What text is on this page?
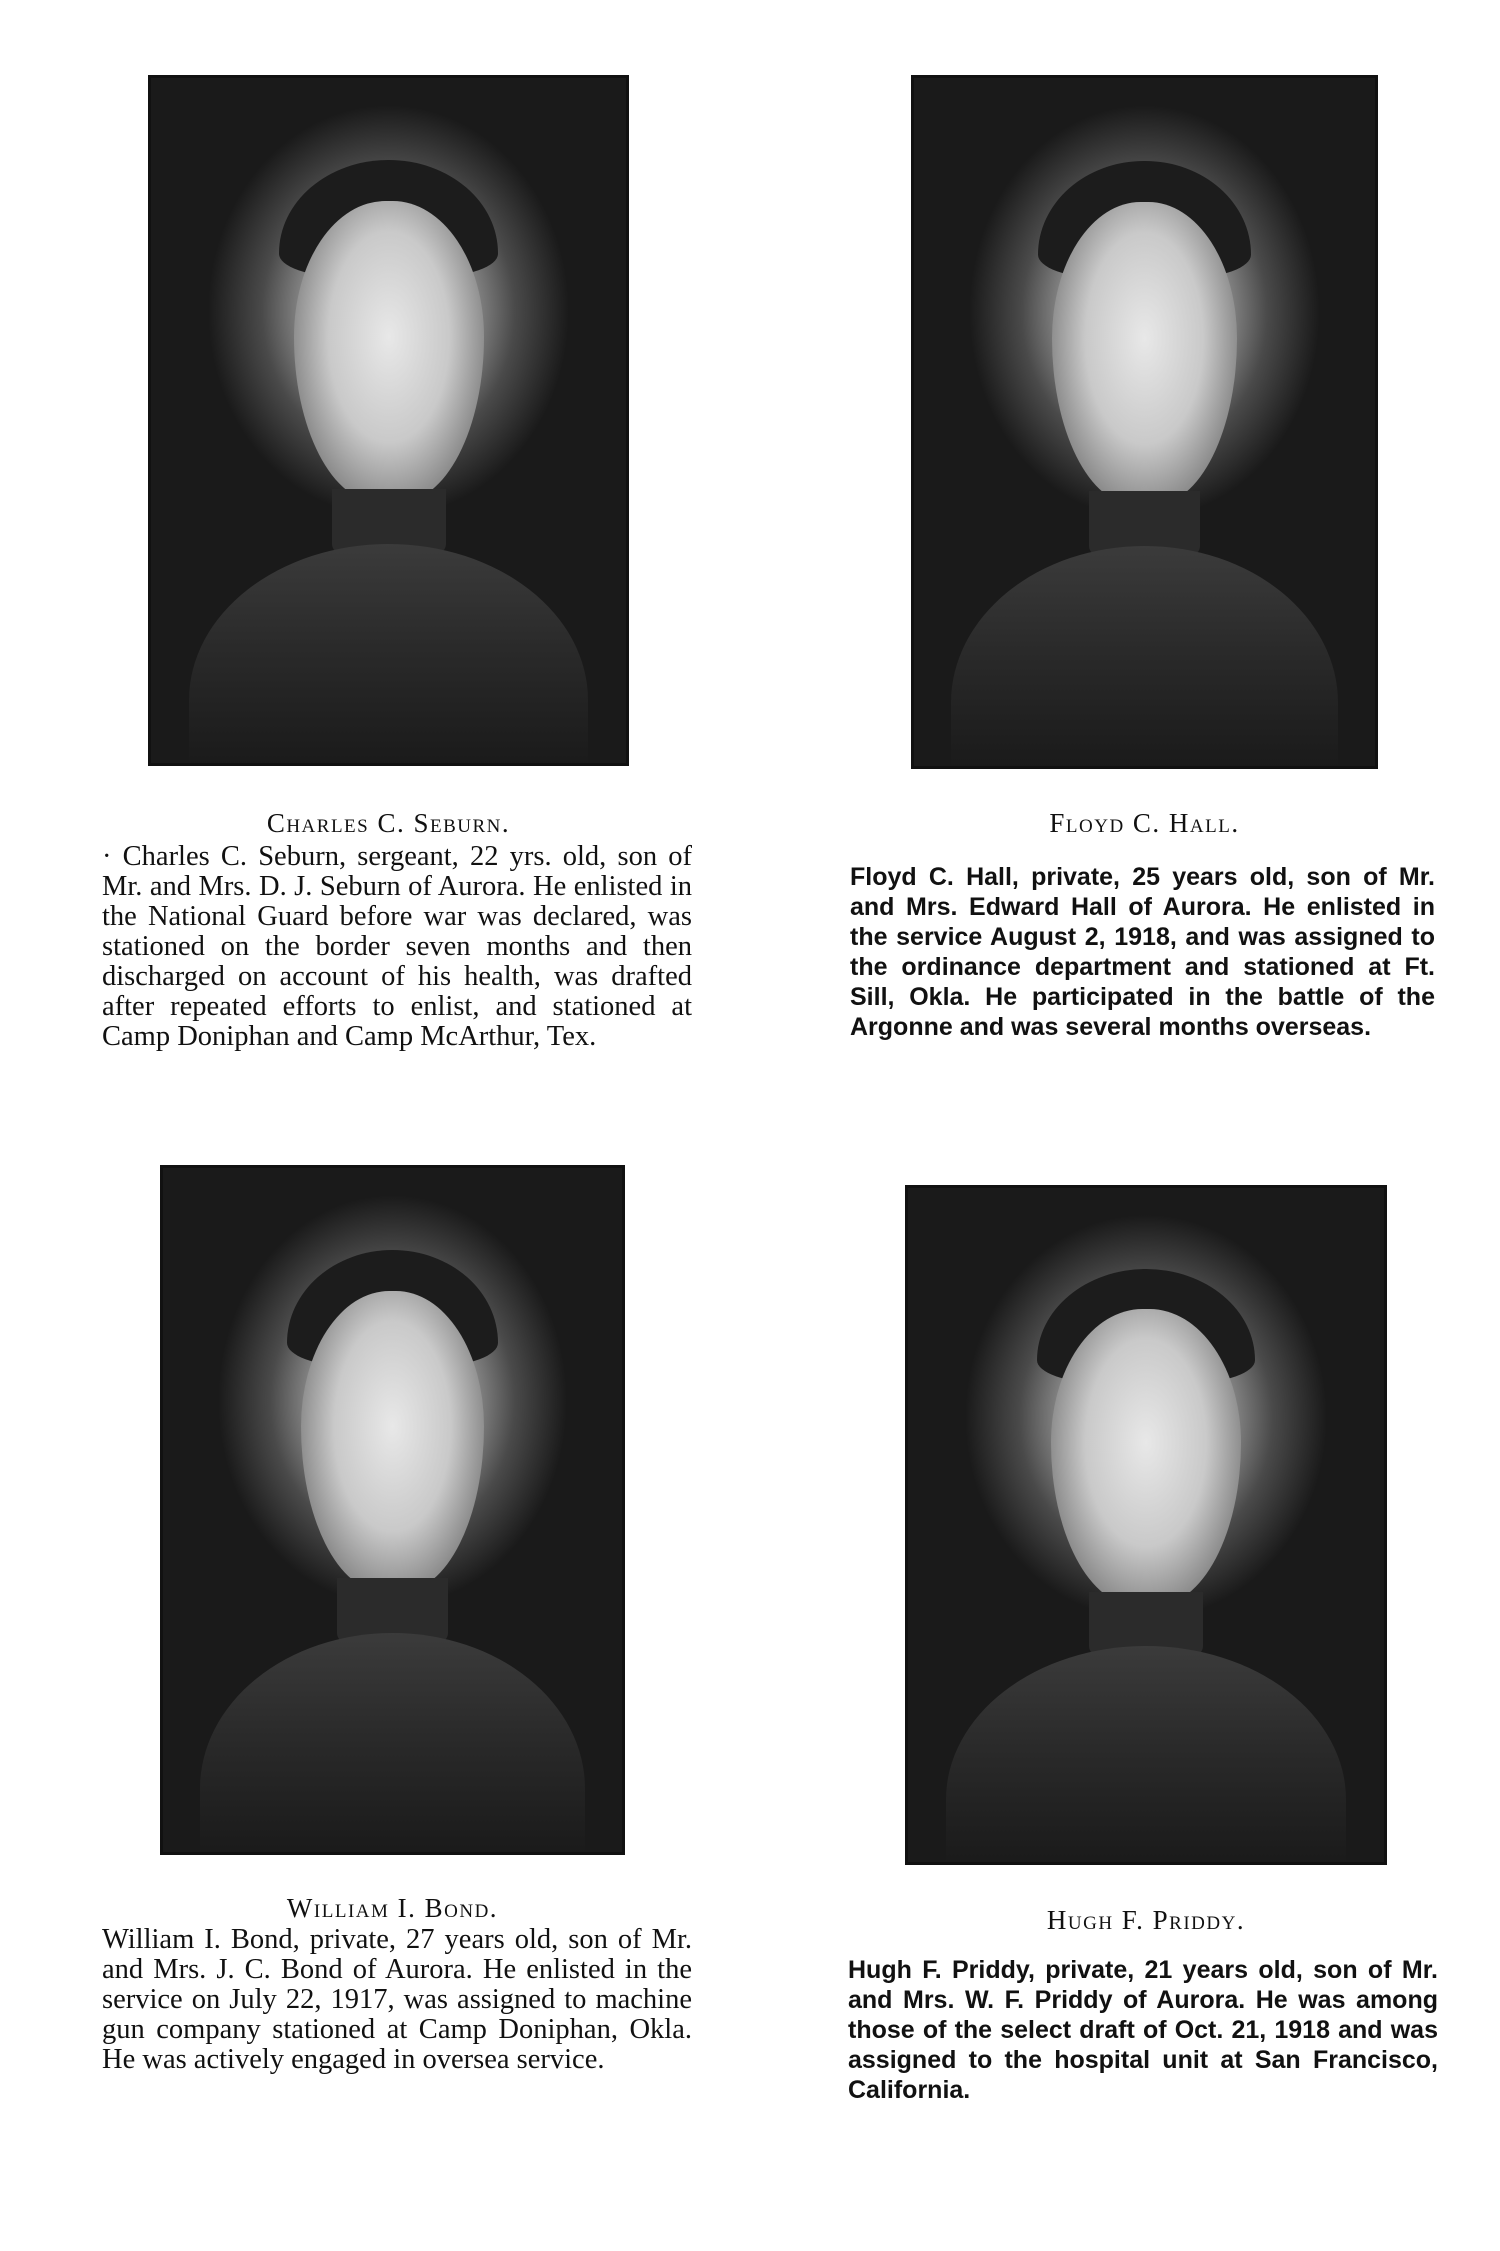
Charles C. Seburn.
· Charles C. Seburn, sergeant, 22 yrs. old, son of Mr. and Mrs. D. J. Seburn of Aurora. He enlisted in the National Guard before war was declared, was stationed on the border seven months and then discharged on account of his health, was drafted after repeated efforts to enlist, and stationed at Camp Doniphan and Camp McArthur, Tex.
Floyd C. Hall.
Floyd C. Hall, private, 25 years old, son of Mr. and Mrs. Edward Hall of Aurora. He enlisted in the service August 2, 1918, and was assigned to the ordinance department and stationed at Ft. Sill, Okla. He participated in the battle of the Argonne and was several months overseas.
William I. Bond.
William I. Bond, private, 27 years old, son of Mr. and Mrs. J. C. Bond of Aurora. He enlisted in the service on July 22, 1917, was assigned to machine gun company stationed at Camp Doniphan, Okla. He was actively engaged in oversea service.
Hugh F. Priddy.
Hugh F. Priddy, private, 21 years old, son of Mr. and Mrs. W. F. Priddy of Aurora. He was among those of the select draft of Oct. 21, 1918 and was assigned to the hospital unit at San Francisco, California.
